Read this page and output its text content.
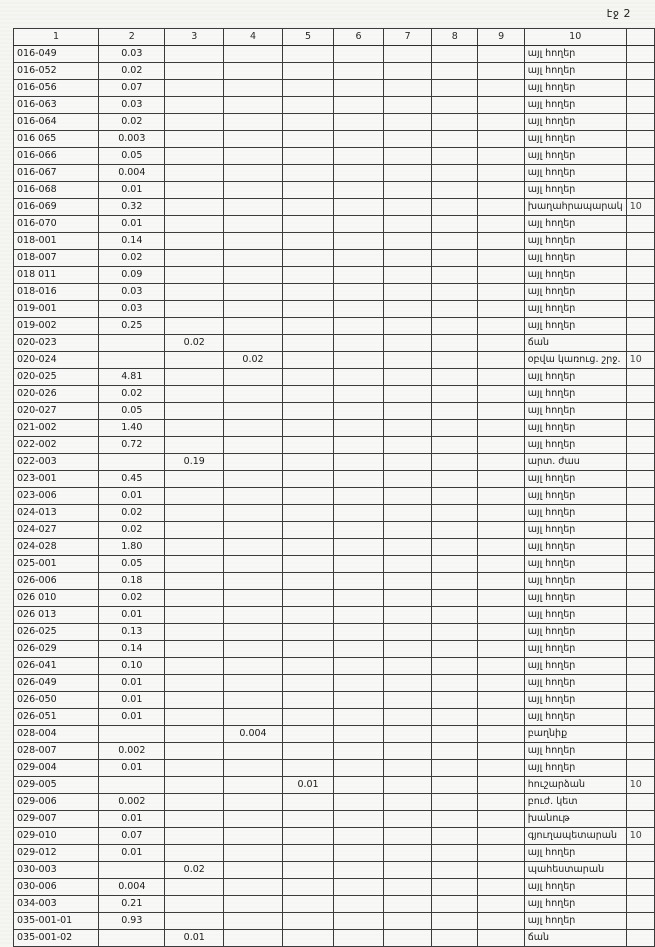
էջ 2
1	2	3	4	5	6	7	8	9	10	
016-049	0.03								այլ հողեր	
016-052	0.02								այլ հողեր	
016-056	0.07								այլ հողեր	
016-063	0.03								այլ հողեր	
016-064	0.02								այլ հողեր	
016 065	0.003								այլ հողեր	
016-066	0.05								այլ հողեր	
016-067	0.004								այլ հողեր	
016-068	0.01								այլ հողեր	
016-069	0.32								խաղահրապարակ	10
016-070	0.01								այլ հողեր	
018-001	0.14								այլ հողեր	
018-007	0.02								այլ հողեր	
018 011	0.09								այլ հողեր	
018-016	0.03								այլ հողեր	
019-001	0.03								այլ հողեր	
019-002	0.25								այլ հողեր	
020-023		0.02							ճան	
020-024			0.02						օբվա կառուց. շրջ.	10
020-025	4.81								այլ հողեր	
020-026	0.02								այլ հողեր	
020-027	0.05								այլ հողեր	
021-002	1.40								այլ հողեր	
022-002	0.72								այլ հողեր	
022-003		0.19							արտ. ժաս	
023-001	0.45								այլ հողեր	
023-006	0.01								այլ հողեր	
024-013	0.02								այլ հողեր	
024-027	0.02								այլ հողեր	
024-028	1.80								այլ հողեր	
025-001	0.05								այլ հողեր	
026-006	0.18								այլ հողեր	
026 010	0.02								այլ հողեր	
026 013	0.01								այլ հողեր	
026-025	0.13								այլ հողեր	
026-029	0.14								այլ հողեր	
026-041	0.10								այլ հողեր	
026-049	0.01								այլ հողեր	
026-050	0.01								այլ հողեր	
026-051	0.01								այլ հողեր	
028-004			0.004						բաղնիք	
028-007	0.002								այլ հողեր	
029-004	0.01								այլ հողեր	
029-005				0.01					հուշարձան	10
029-006	0.002								բուժ. կետ	
029-007	0.01								խանութ	
029-010	0.07								գյուղապետարան	10
029-012	0.01								այլ հողեր	
030-003		0.02							պահեստարան	
030-006	0.004								այլ հողեր	
034-003	0.21								այլ հողեր	
035-001-01	0.93								այլ հողեր	
035-001-02		0.01							ճան	
